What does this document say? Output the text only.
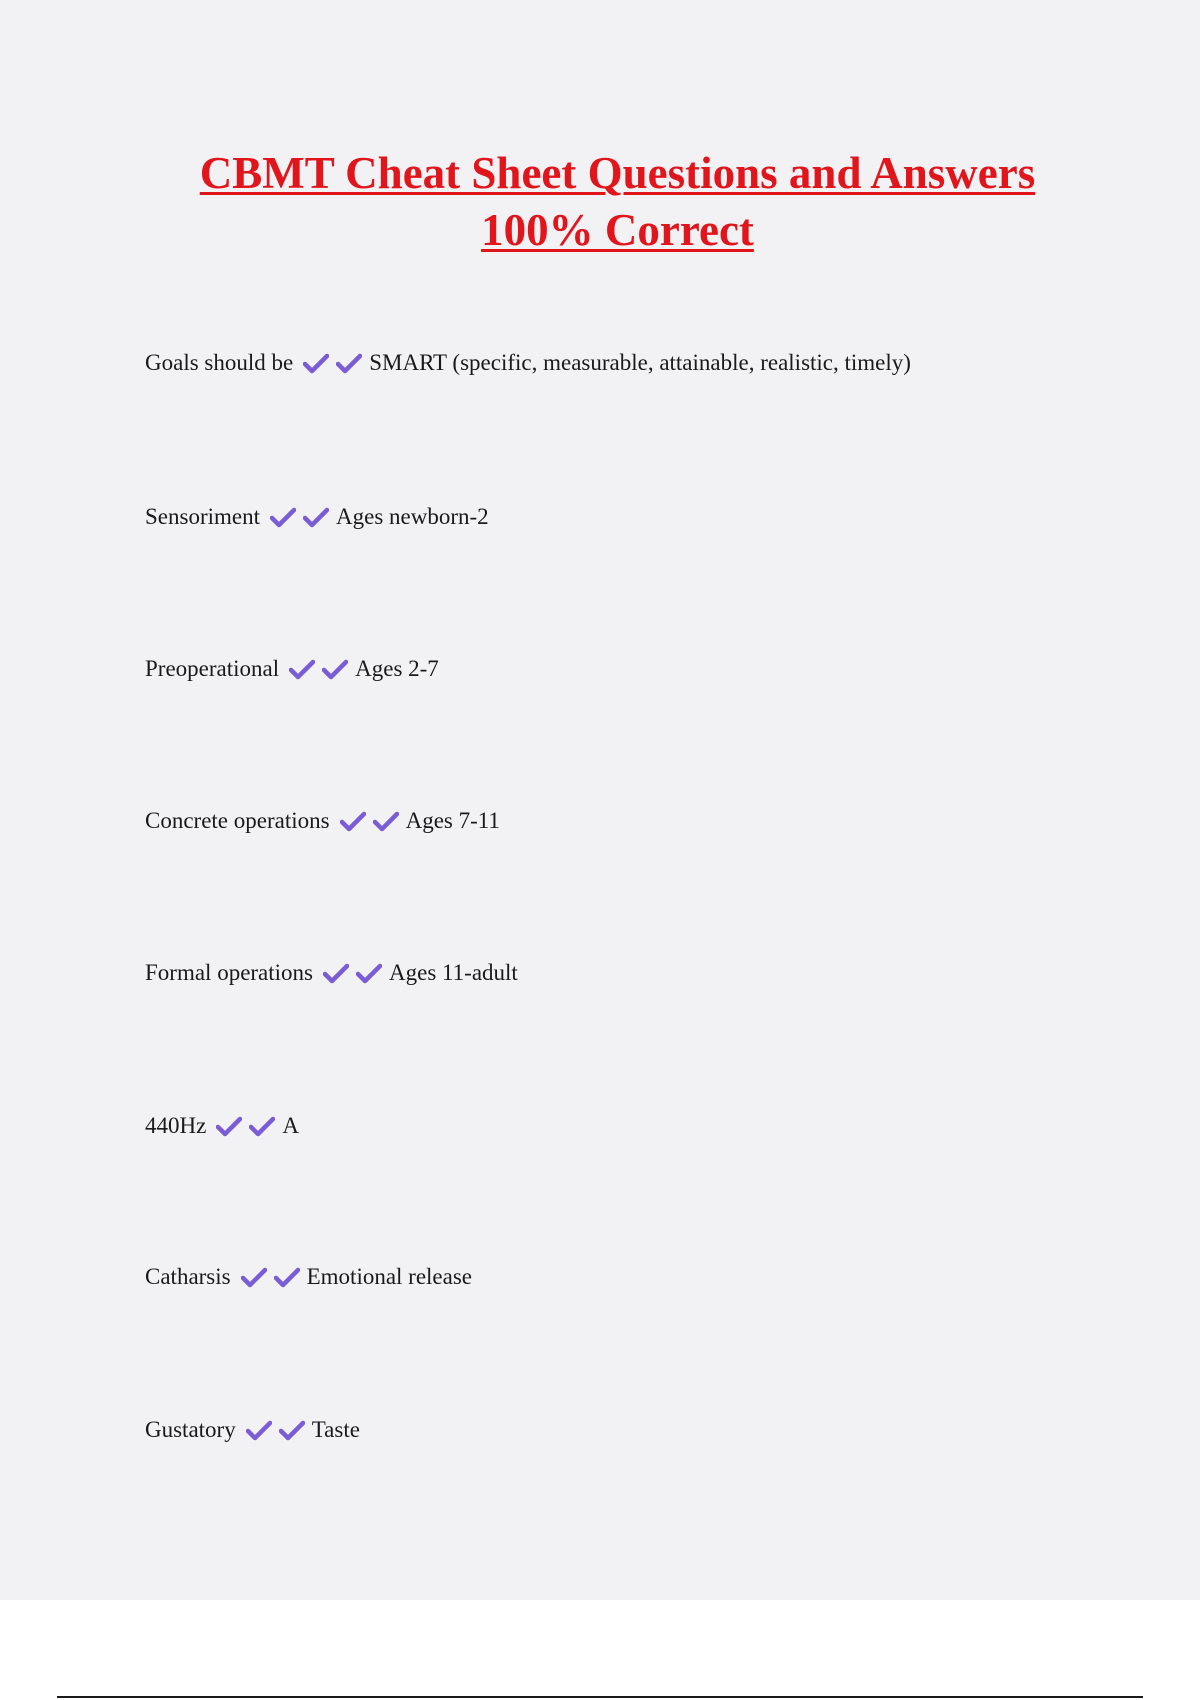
CBMT Cheat Sheet Questions and Answers
100% Correct
Goals should be	SMART (specific, measurable, attainable, realistic, timely)
Sensoriment	Ages newborn-2
Preoperational	Ages 2-7
Concrete operations	Ages 7-11
Formal operations	Ages 11-adult
440Hz	A
Catharsis	Emotional release
Gustatory	Taste
